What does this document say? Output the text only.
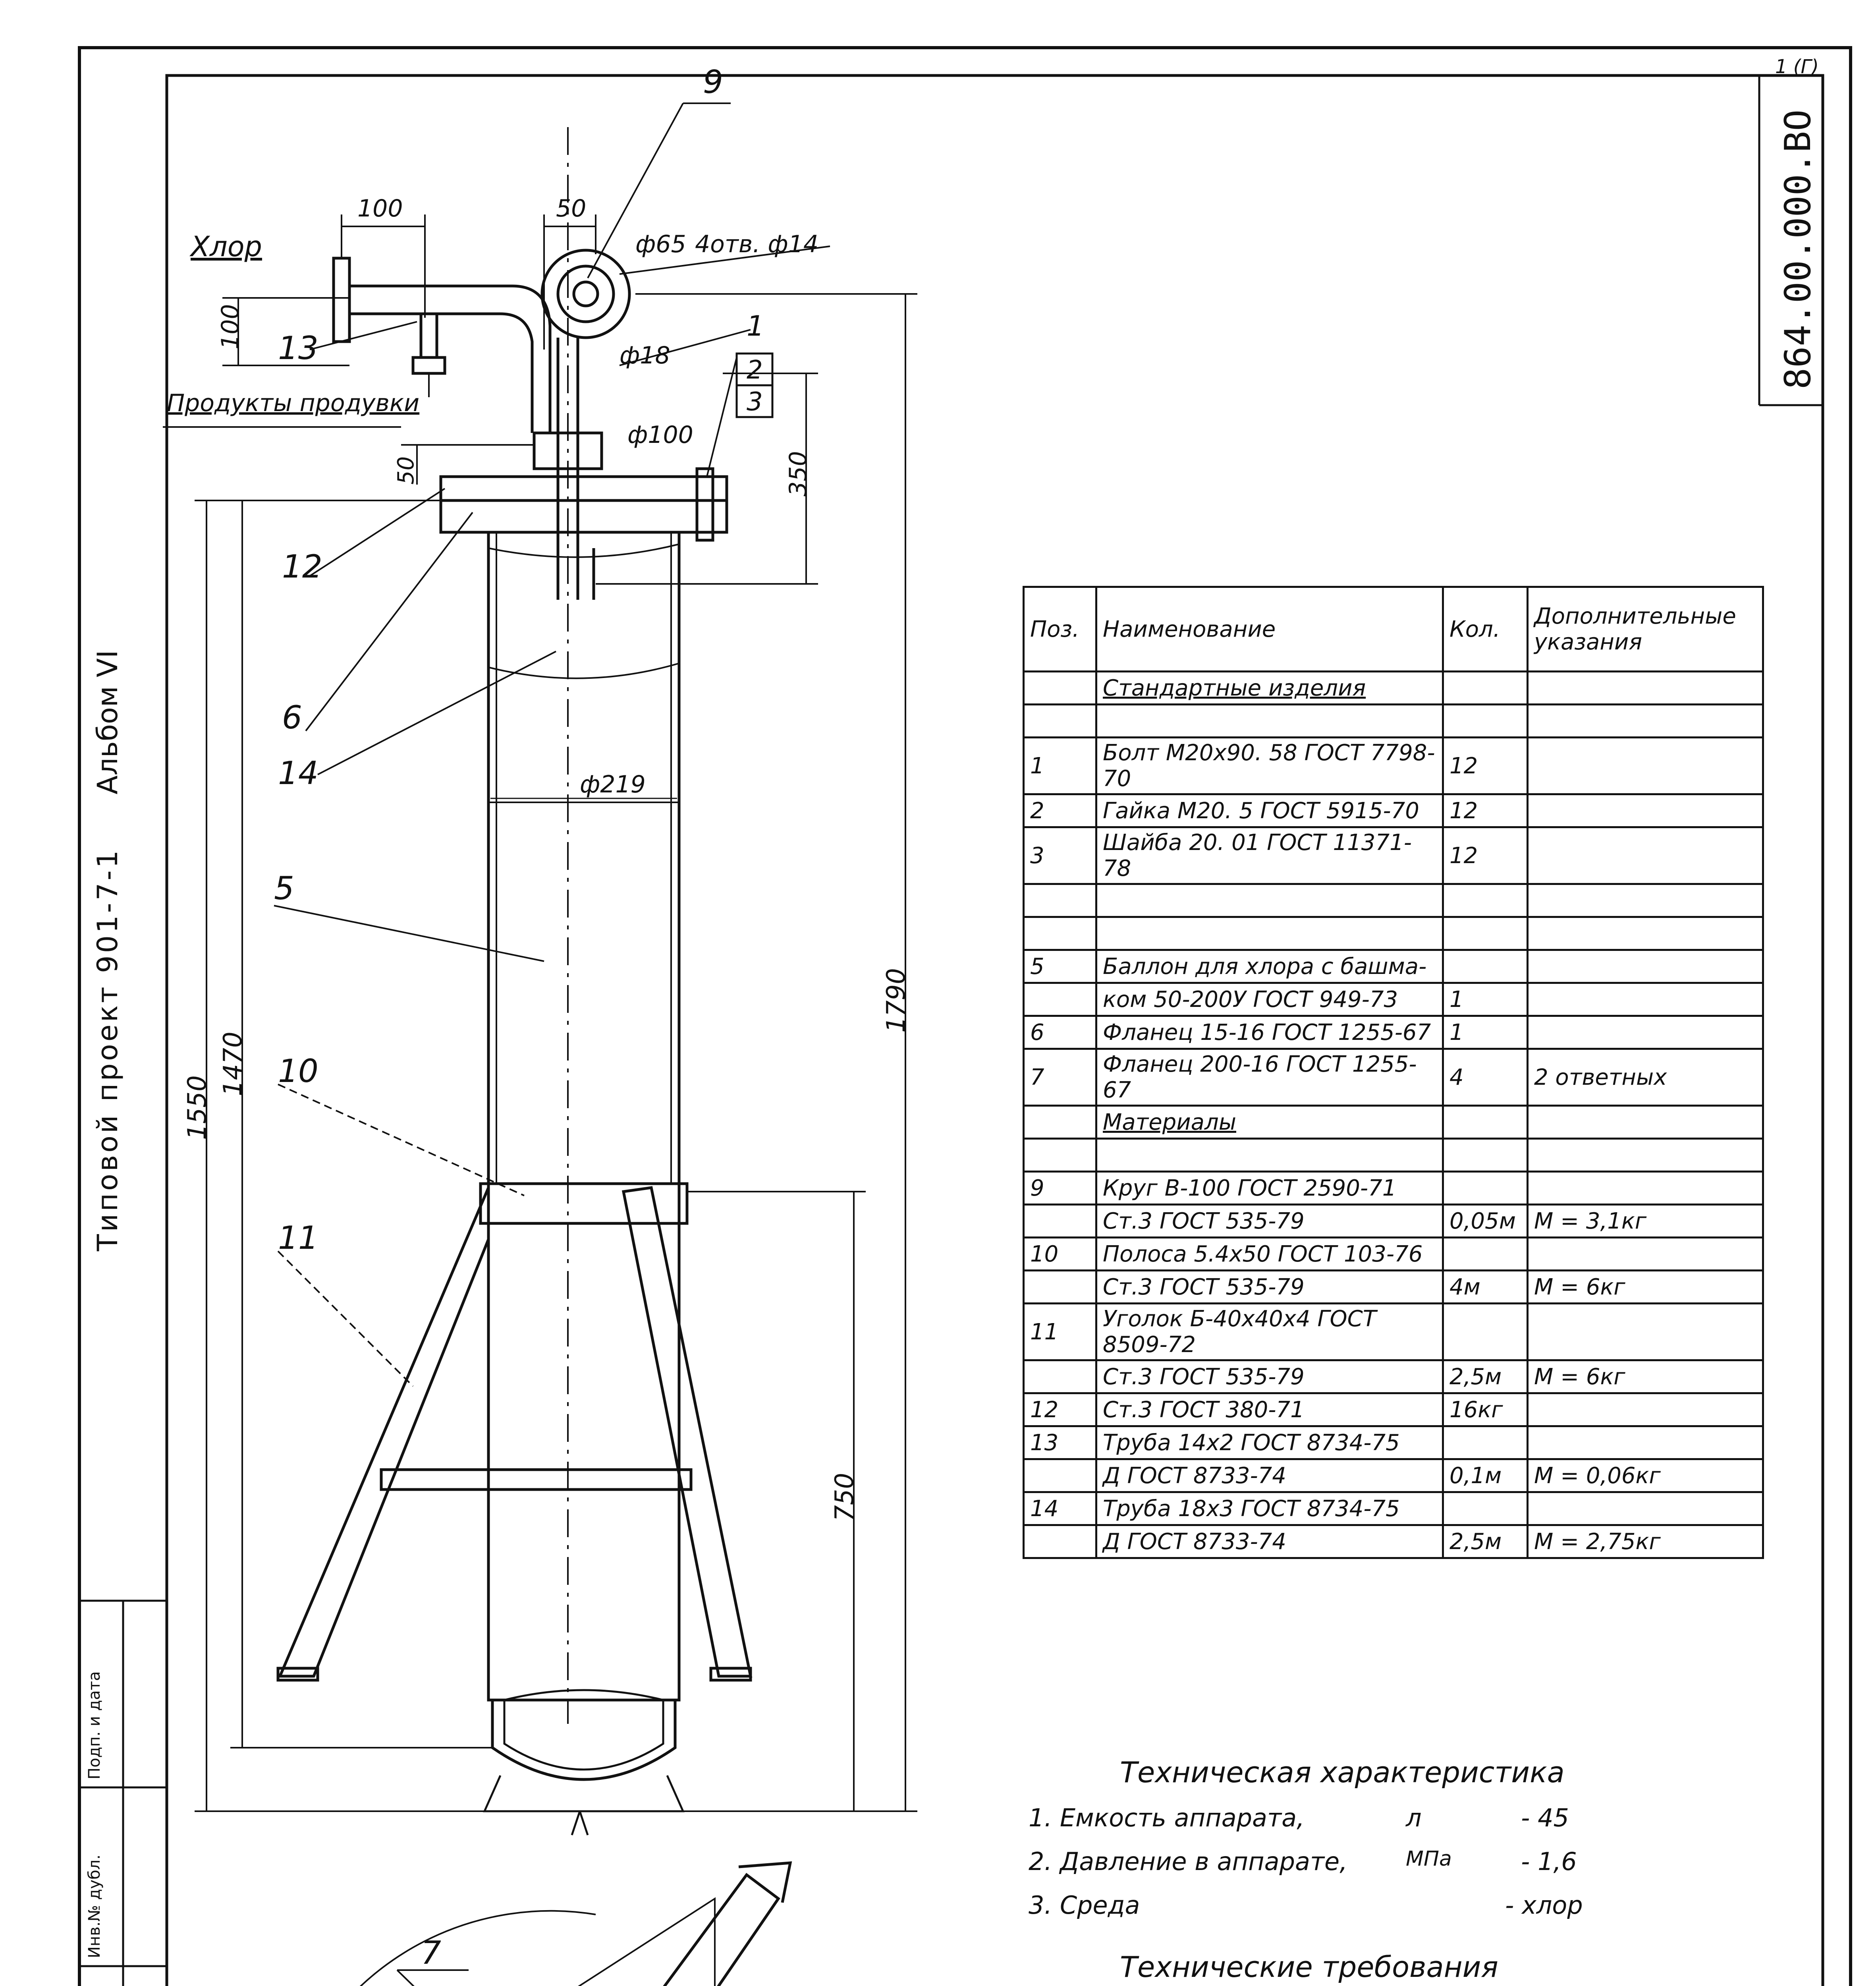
1 (Г)
864.00.000.ВО
Альбом VI
Типовой проект 901-7-1
Подп. и дата
Инв.№ дубл.
9
1
2
3
13
12
6
14
5
10
11
7
Хлор
Продукты продувки
100	50
ф65 4отв. ф14
ф18
ф100
100
50	350
ф219
1790
1550
1470
750
Поз.	Наименование	Кол.	Дополнительные указания
	Стандартные изделия		

1	Болт М20х90. 58 ГОСТ 7798-70	12	
2	Гайка М20. 5 ГОСТ 5915-70	12	
3	Шайба 20. 01 ГОСТ 11371-78	12	

5	Баллон для хлора с башма-		
	ком 50-200У ГОСТ 949-73	1	
6	Фланец 15-16 ГОСТ 1255-67	1	
7	Фланец 200-16 ГОСТ 1255-67	4	2 ответных
	Материалы		

9	Круг В-100 ГОСТ 2590-71		
	Ст.3 ГОСТ 535-79	0,05м	М = 3,1кг
10	Полоса 5.4х50 ГОСТ 103-76		
	Ст.3 ГОСТ 535-79	4м	М = 6кг
11	Уголок Б-40х40х4 ГОСТ 8509-72		
	Ст.3 ГОСТ 535-79	2,5м	М = 6кг
12	Ст.3 ГОСТ 380-71	16кг	
13	Труба 14х2 ГОСТ 8734-75		
	Д ГОСТ 8733-74	0,1м	М = 0,06кг
14	Труба 18х3 ГОСТ 8734-75		
	Д ГОСТ 8733-74	2,5м	М = 2,75кг
Техническая характеристика
1. Емкость аппарата,	л	- 45
2. Давление в аппарате,	МПа	- 1,6
3. Среда	- хлор
Технические требования
